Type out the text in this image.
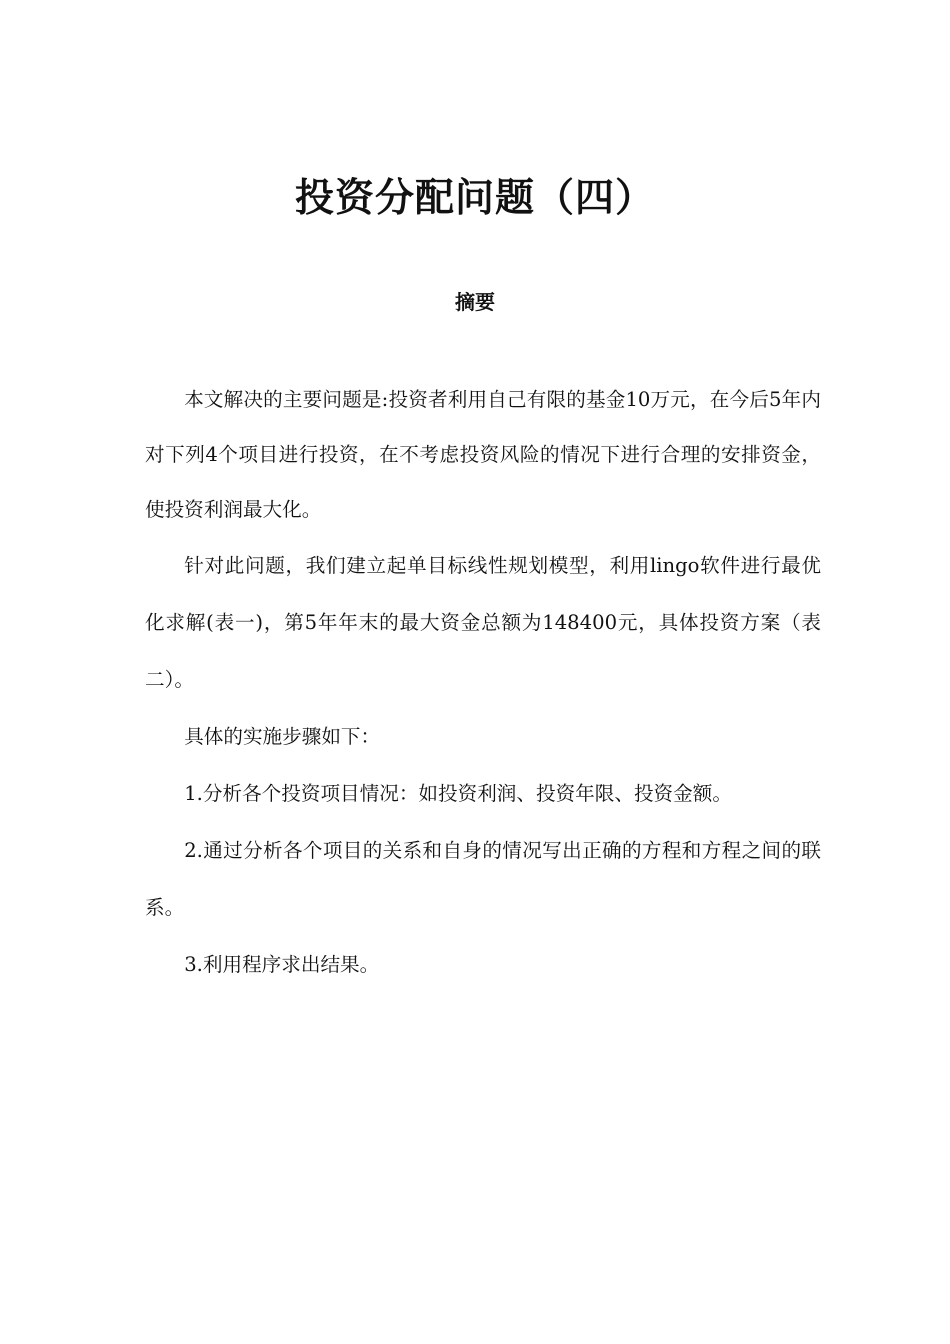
投资分配问题（四）
摘要

本文解决的主要问题是:投资者利用自己有限的基金10万元，在今后5年内对下列4个项目进行投资，在不考虑投资风险的情况下进行合理的安排资金，使投资利润最大化。

针对此问题，我们建立起单目标线性规划模型，利用lingo软件进行最优化求解(表一)，第5年年末的最大资金总额为148400元，具体投资方案（表二）。

具体的实施步骤如下：

1.分析各个投资项目情况：如投资利润、投资年限、投资金额。

2.通过分析各个项目的关系和自身的情况写出正确的方程和方程之间的联系。

3.利用程序求出结果。
